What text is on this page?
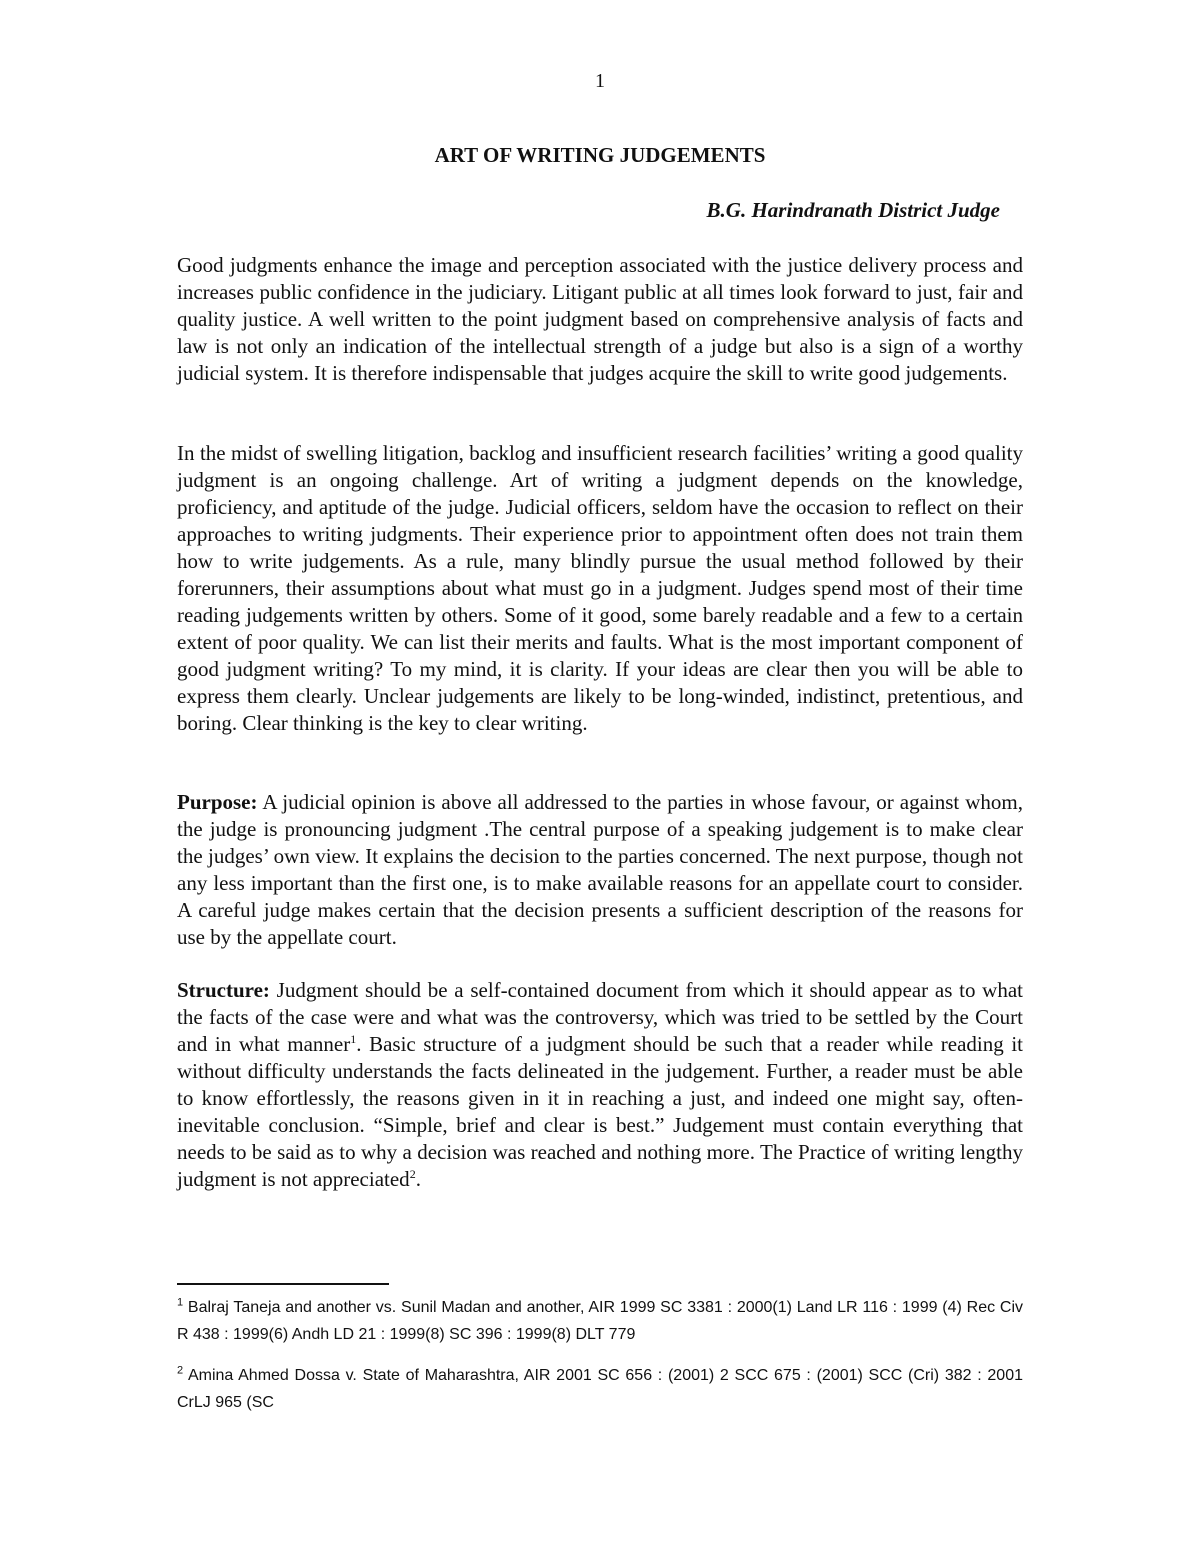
1

ART OF WRITING JUDGEMENTS

B.G. Harindranath District Judge

Good judgments enhance the image and perception associated with the justice delivery process and increases public confidence in the judiciary. Litigant public at all times look forward to just, fair and quality justice. A well written to the point judgment based on comprehensive analysis of facts and law is not only an indication of the intellectual strength of a judge but also is a sign of a worthy judicial system. It is therefore indispensable that judges acquire the skill to write good judgements.

In the midst of swelling litigation, backlog and insufficient research facilities’ writing a good quality judgment is an ongoing challenge. Art of writing a judgment depends on the knowledge, proficiency, and aptitude of the judge. Judicial officers, seldom have the occasion to reflect on their approaches to writing judgments. Their experience prior to appointment often does not train them how to write judgements. As a rule, many blindly pursue the usual method followed by their forerunners, their assumptions about what must go in a judgment. Judges spend most of their time reading judgements written by others. Some of it good, some barely readable and a few to a certain extent of poor quality. We can list their merits and faults. What is the most important component of good judgment writing? To my mind, it is clarity. If your ideas are clear then you will be able to express them clearly. Unclear judgements are likely to be long-winded, indistinct, pretentious, and boring. Clear thinking is the key to clear writing.

Purpose: A judicial opinion is above all addressed to the parties in whose favour, or against whom, the judge is pronouncing judgment .The central purpose of a speaking judgement is to make clear the judges’ own view. It explains the decision to the parties concerned. The next purpose, though not any less important than the first one, is to make available reasons for an appellate court to consider. A careful judge makes certain that the decision presents a sufficient description of the reasons for use by the appellate court.

Structure: Judgment should be a self-contained document from which it should appear as to what the facts of the case were and what was the controversy, which was tried to be settled by the Court and in what manner$^1$. Basic structure of a judgment should be such that a reader while reading it without difficulty understands the facts delineated in the judgement. Further, a reader must be able to know effortlessly, the reasons given in it in reaching a just, and indeed one might say, often-inevitable conclusion. “Simple, brief and clear is best.” Judgement must contain everything that needs to be said as to why a decision was reached and nothing more. The Practice of writing lengthy judgment is not appreciated$^2$.

$^1$ Balraj Taneja and another vs. Sunil Madan and another, AIR 1999 SC 3381 : 2000(1) Land LR 116 : 1999 (4) Rec Civ R 438 : 1999(6) Andh LD 21 : 1999(8) SC 396 : 1999(8) DLT 779

$^2$ Amina Ahmed Dossa v. State of Maharashtra, AIR 2001 SC 656 : (2001) 2 SCC 675 : (2001) SCC (Cri) 382 : 2001 CrLJ 965 (SC
